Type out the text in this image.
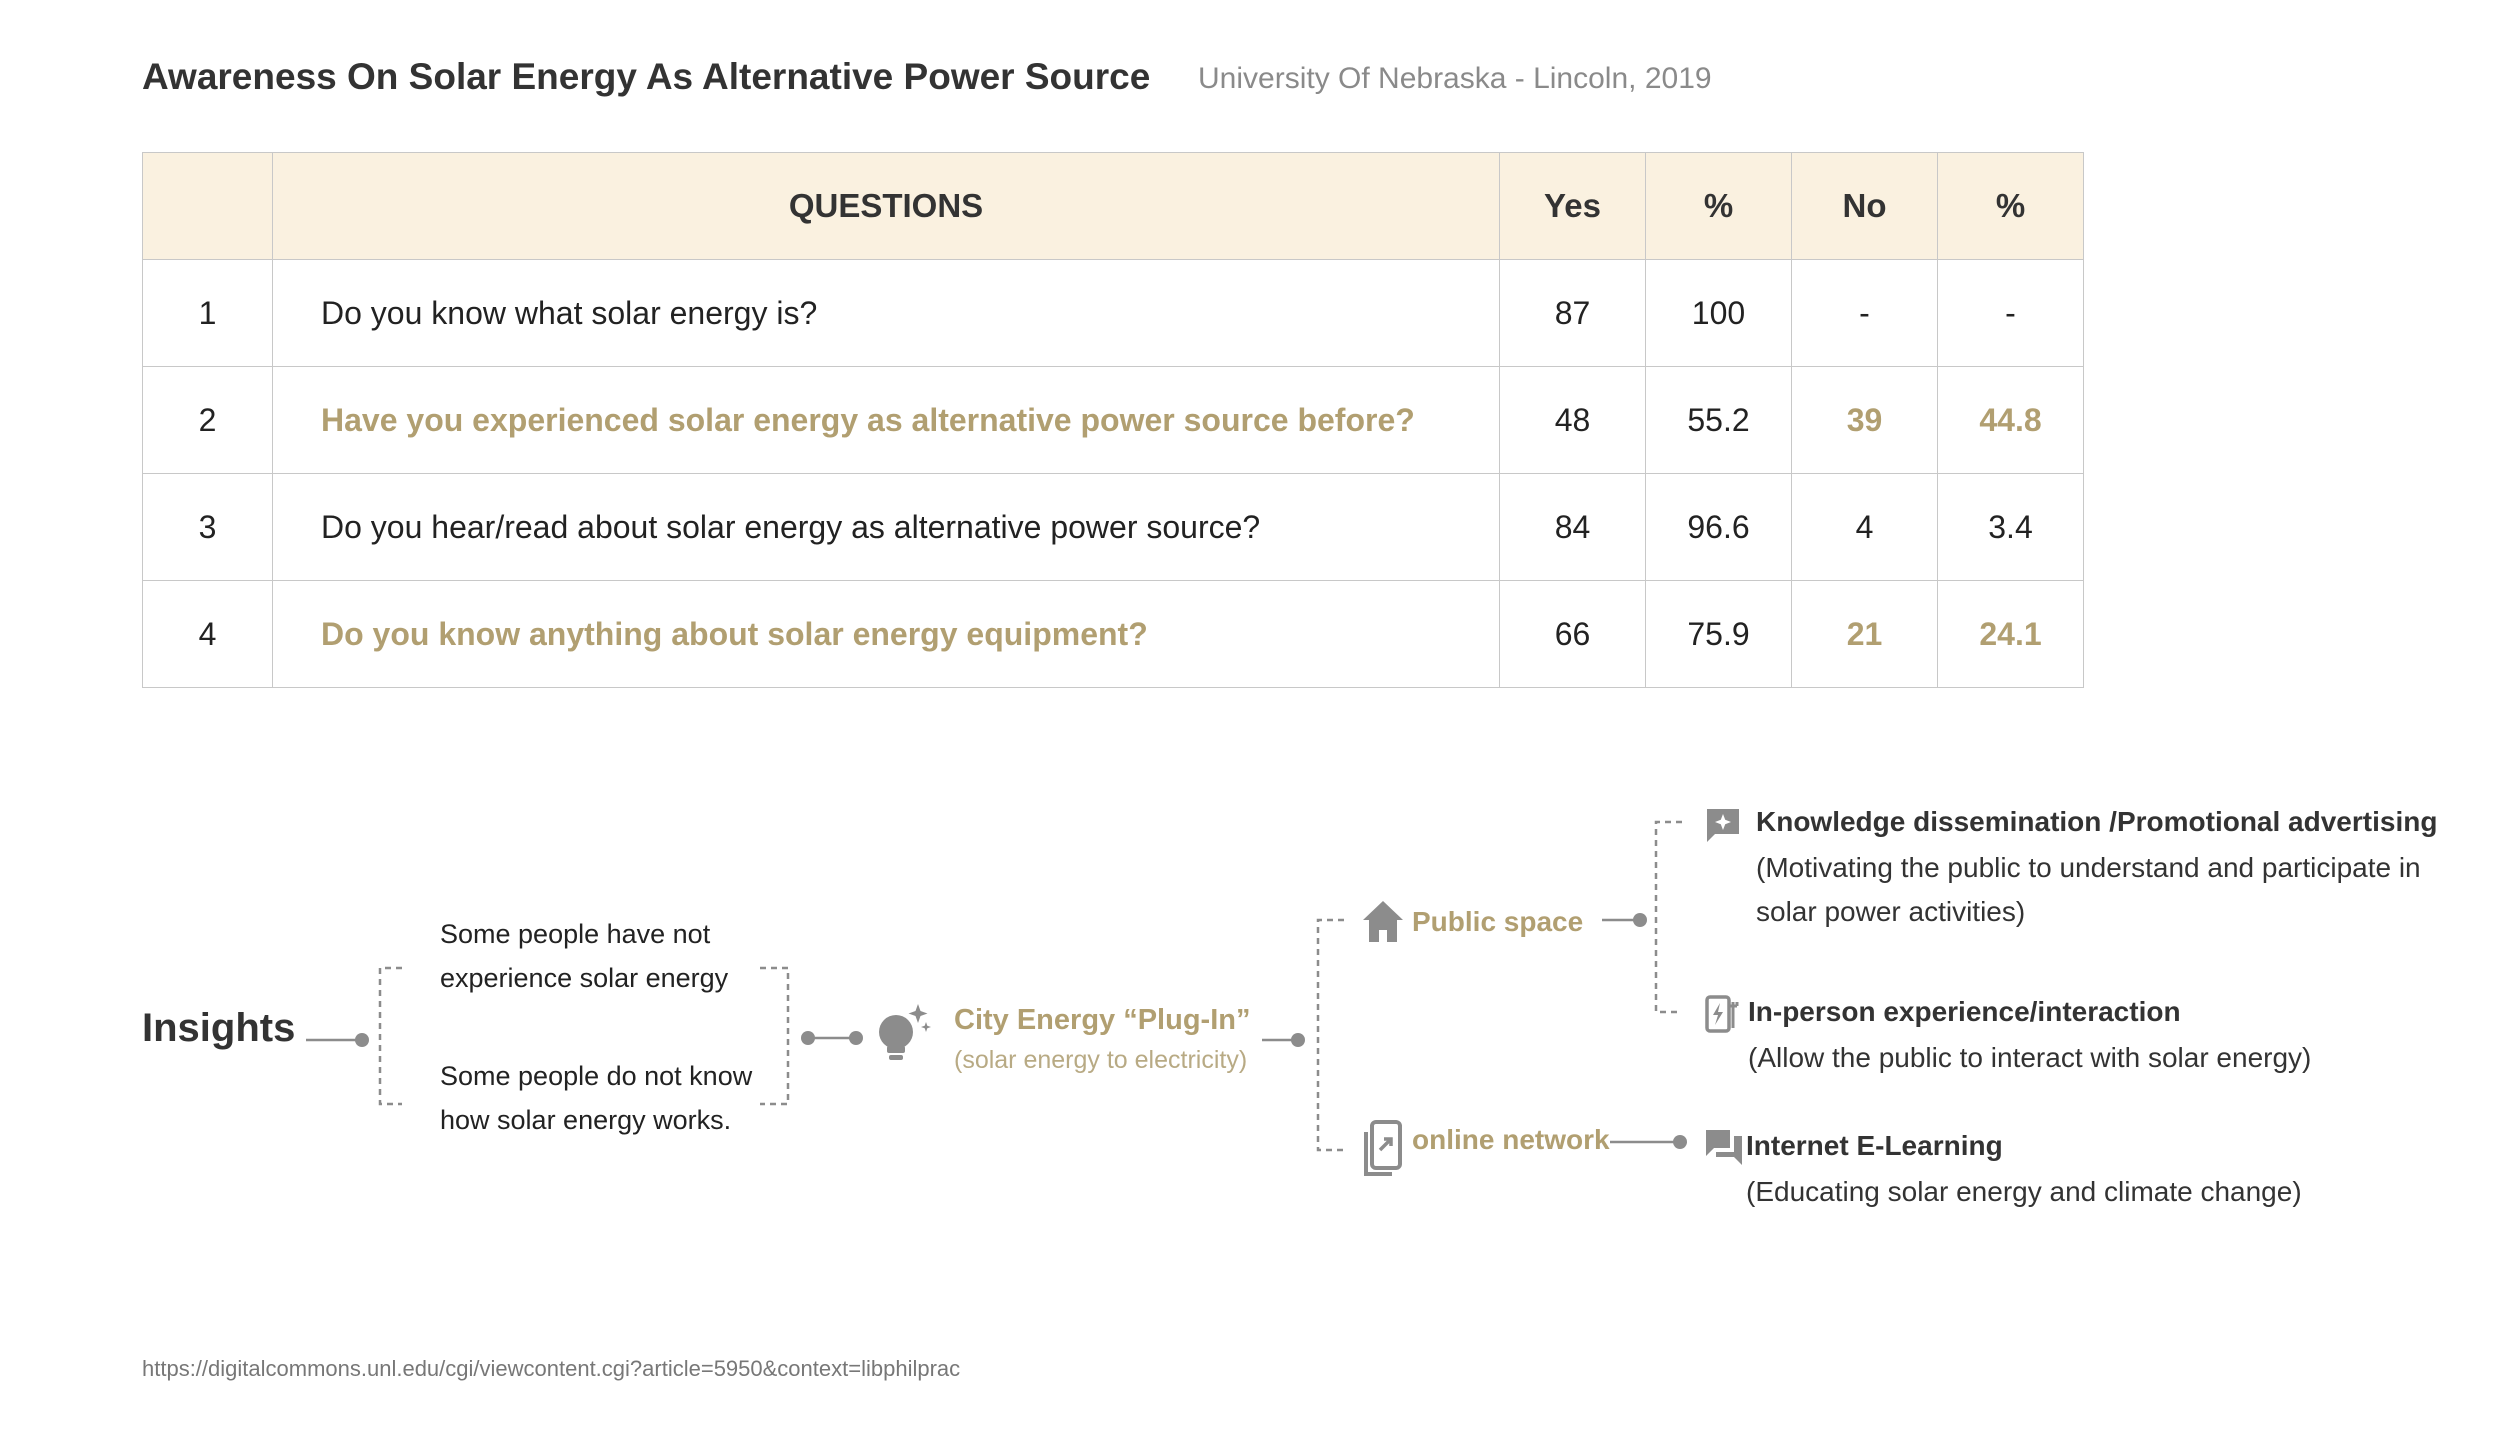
Awareness On Solar Energy As Alternative Power Source University Of Nebraska - Lincoln, 2019
	QUESTIONS	Yes	%	No	%
1	Do you know what solar energy is?	87	100	-	-
2	Have you experienced solar energy as alternative power source before?	48	55.2	39	44.8
3	Do you hear/read about solar energy as alternative power source?	84	96.6	4	3.4
4	Do you know anything about solar energy equipment?	66	75.9	21	24.1
Insights
Some people have not
experience solar energy
Some people do not know
how solar energy works.
City Energy “Plug-In”
(solar energy to electricity)
Public space
online network
Knowledge dissemination /Promotional advertising
(Motivating the public to understand and participate in
solar power activities)
In-person experience/interaction
(Allow the public to interact with solar energy)
Internet E-Learning
(Educating solar energy and climate change)
https://digitalcommons.unl.edu/cgi/viewcontent.cgi?article=5950&context=libphilprac
